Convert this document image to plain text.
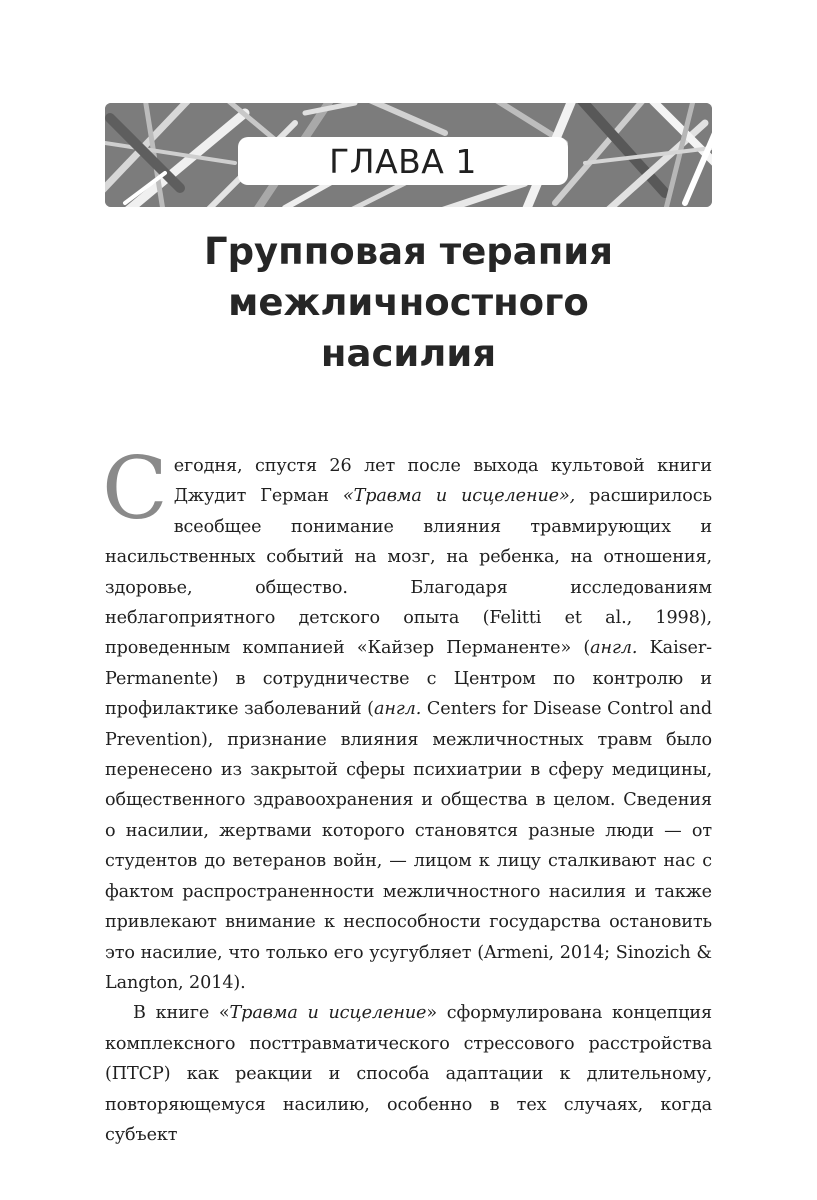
ГЛАВА 1
Групповая терапия
межличностного
насилия

Сегодня, спустя 26 лет после выхода культовой книги Джудит Герман «Травма и исцеление», расширилось всеобщее понимание влияния травмирующих и насильственных событий на мозг, на ребенка, на отношения, здоровье, общество. Благодаря исследованиям неблагоприятного детского опыта (Felitti et al., 1998), проведенным компанией «Кайзер Перманенте» (англ. Kaiser-Permanente) в сотрудничестве с Центром по контролю и профилактике заболеваний (англ. Centers for Disease Control and Prevention), признание влияния межличностных травм было перенесено из закрытой сферы психиатрии в сферу медицины, общественного здравоохранения и общества в целом. Сведения о насилии, жертвами которого становятся разные люди — от студентов до ветеранов войн, — лицом к лицу сталкивают нас с фактом распространенности межличностного насилия и также привлекают внимание к неспособности государства остановить это насилие, что только его усугубляет (Armeni, 2014; Sinozich & Langton, 2014).

В книге «Травма и исцеление» сформулирована концепция комплексного посттравматического стрессового расстройства (ПТСР) как реакции и способа адаптации к длительному, повторяющемуся насилию, особенно в тех случаях, когда субъект
